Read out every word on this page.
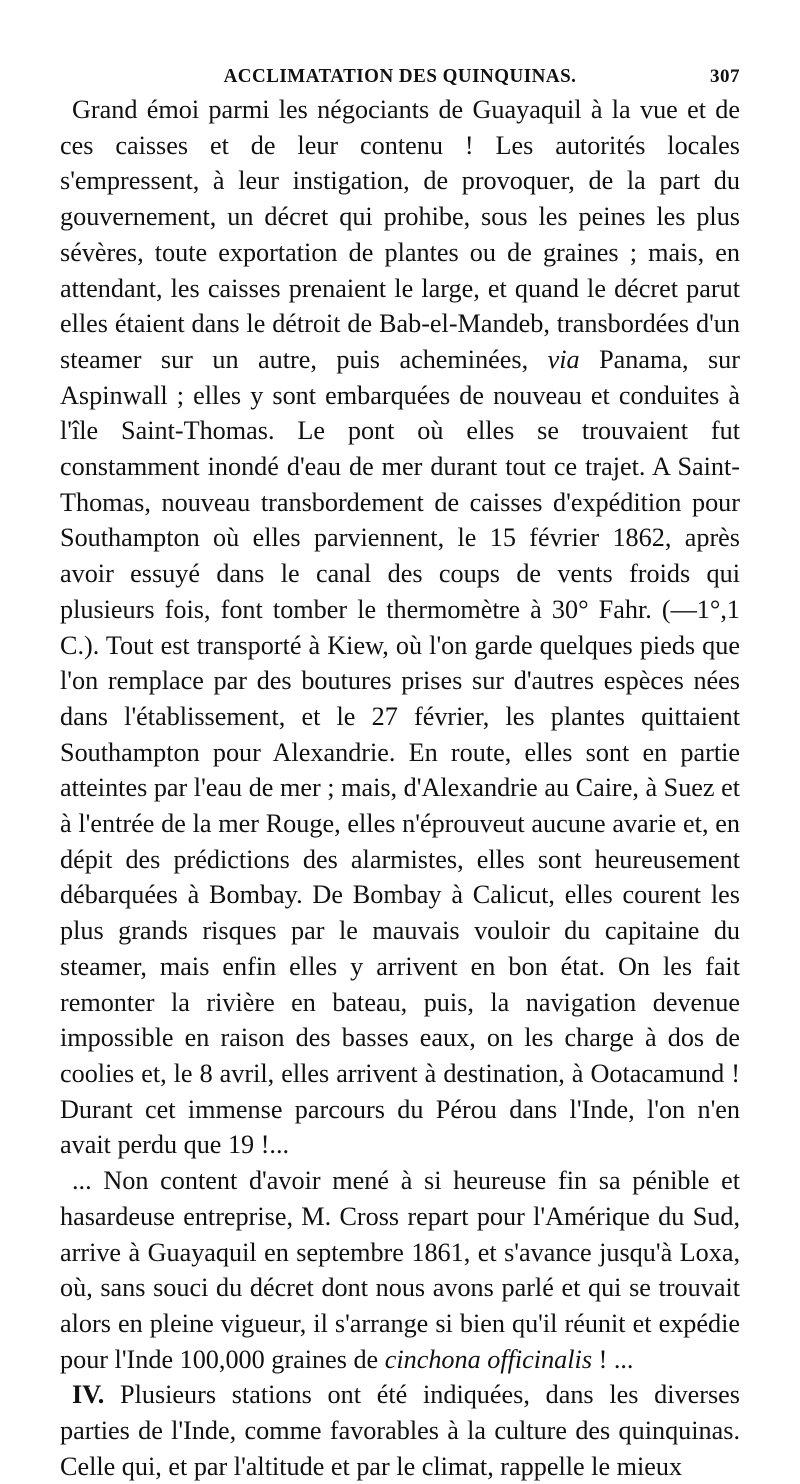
ACCLIMATATION DES QUINQUINAS.	307

Grand émoi parmi les négociants de Guayaquil à la vue et de ces caisses et de leur contenu ! Les autorités locales s'empressent, à leur instigation, de provoquer, de la part du gouvernement, un décret qui prohibe, sous les peines les plus sévères, toute exportation de plantes ou de graines ; mais, en attendant, les caisses prenaient le large, et quand le décret parut elles étaient dans le détroit de Bab-el-Mandeb, transbordées d'un steamer sur un autre, puis acheminées, via Panama, sur Aspinwall ; elles y sont embarquées de nouveau et conduites à l'île Saint-Thomas. Le pont où elles se trouvaient fut constamment inondé d'eau de mer durant tout ce trajet. A Saint-Thomas, nouveau transbordement de caisses d'expédition pour Southampton où elles parviennent, le 15 février 1862, après avoir essuyé dans le canal des coups de vents froids qui plusieurs fois, font tomber le thermomètre à 30° Fahr. (—1°,1 C.). Tout est transporté à Kiew, où l'on garde quelques pieds que l'on remplace par des boutures prises sur d'autres espèces nées dans l'établissement, et le 27 février, les plantes quittaient Southampton pour Alexandrie. En route, elles sont en partie atteintes par l'eau de mer ; mais, d'Alexandrie au Caire, à Suez et à l'entrée de la mer Rouge, elles n'éprouveut aucune avarie et, en dépit des prédictions des alarmistes, elles sont heureusement débarquées à Bombay. De Bombay à Calicut, elles courent les plus grands risques par le mauvais vouloir du capitaine du steamer, mais enfin elles y arrivent en bon état. On les fait remonter la rivière en bateau, puis, la navigation devenue impossible en raison des basses eaux, on les charge à dos de coolies et, le 8 avril, elles arrivent à destination, à Ootacamund ! Durant cet immense parcours du Pérou dans l'Inde, l'on n'en avait perdu que 19 !...

... Non content d'avoir mené à si heureuse fin sa pénible et hasardeuse entreprise, M. Cross repart pour l'Amérique du Sud, arrive à Guayaquil en septembre 1861, et s'avance jusqu'à Loxa, où, sans souci du décret dont nous avons parlé et qui se trouvait alors en pleine vigueur, il s'arrange si bien qu'il réunit et expédie pour l'Inde 100,000 graines de cinchona officinalis ! ...

IV. Plusieurs stations ont été indiquées, dans les diverses parties de l'Inde, comme favorables à la culture des quinquinas. Celle qui, et par l'altitude et par le climat, rappelle le mieux
